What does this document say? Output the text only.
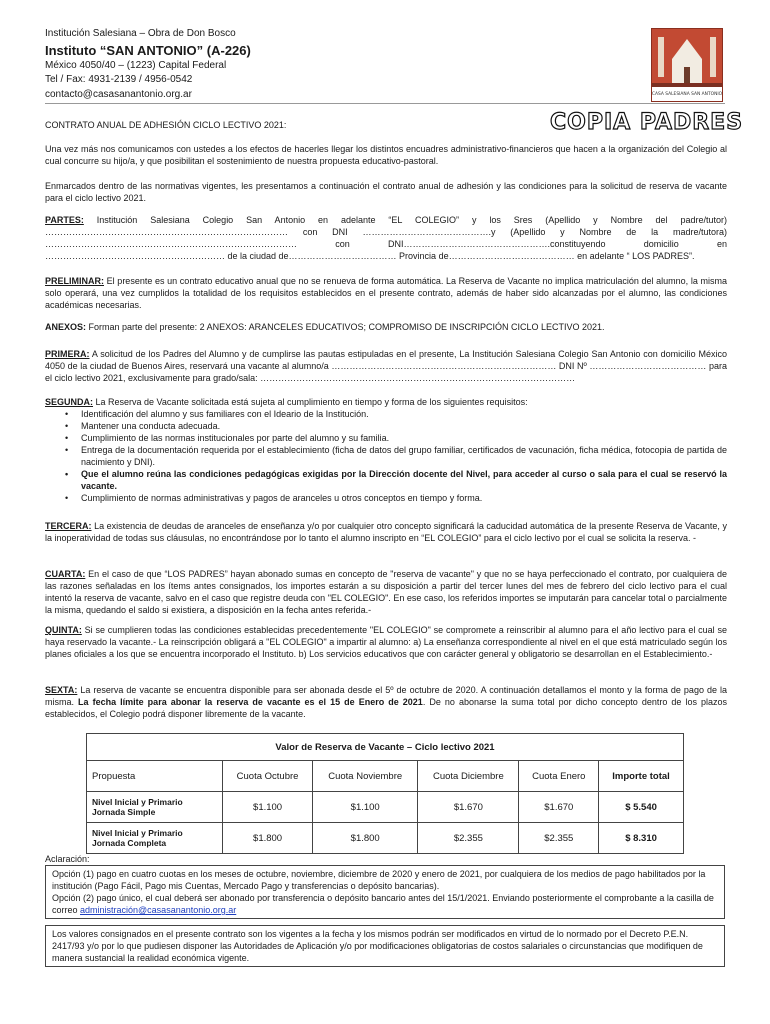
Institución Salesiana – Obra de Don Bosco
Instituto “SAN ANTONIO” (A-226)
México 4050/40 – (1223) Capital Federal
Tel / Fax: 4931-2139 / 4956-0542
contacto@casasanantonio.org.ar	CASA SALESIANA SAN ANTONIO
COPIA PADRES
CONTRATO ANUAL DE ADHESIÓN CICLO LECTIVO 2021:
Una vez más nos comunicamos con ustedes a los efectos de hacerles llegar los distintos encuadres administrativo-financieros que hacen a la organización del Colegio al cual concurre su hijo/a, y que posibilitan el sostenimiento de nuestra propuesta educativo-pastoral.
Enmarcados dentro de las normativas vigentes, les presentamos a continuación el contrato anual de adhesión y las condiciones para la solicitud de reserva de vacante para el ciclo lectivo 2021.
PARTES: Institución Salesiana Colegio San Antonio en adelante “EL COLEGIO” y los Sres (Apellido y Nombre del padre/tutor) ……………………………………………………………………… con DNI …………………………………….y (Apellido y Nombre de la madre/tutora) ………………………………………………………………………… con DNI………………………………………….constituyendo domicilio en …………………………………………………… de la ciudad de……………………………… Provincia de…………………………………… en adelante “ LOS PADRES”.
PRELIMINAR: El presente es un contrato educativo anual que no se renueva de forma automática. La Reserva de Vacante no implica matriculación del alumno, la misma solo operará, una vez cumplidos la totalidad de los requisitos establecidos en el presente contrato, además de haber sido alcanzadas por el alumno, las condiciones académicas necesarias.
ANEXOS: Forman parte del presente: 2 ANEXOS: ARANCELES EDUCATIVOS; COMPROMISO DE INSCRIPCIÓN CICLO LECTIVO 2021.
PRIMERA: A solicitud de los Padres del Alumno y de cumplirse las pautas estipuladas en el presente, La Institución Salesiana Colegio San Antonio con domicilio México 4050 de la ciudad de Buenos Aires, reservará una vacante al alumno/a ………………………………………………………………… DNI Nº ………………………………… para el ciclo lectivo 2021, exclusivamente para grado/sala: ……………………………………………………………………………………………
SEGUNDA: La Reserva de Vacante solicitada está sujeta al cumplimiento en tiempo y forma de los siguientes requisitos:
• Identificación del alumno y sus familiares con el Ideario de la Institución.
• Mantener una conducta adecuada.
• Cumplimiento de las normas institucionales por parte del alumno y su familia.
• Entrega de la documentación requerida por el establecimiento (ficha de datos del grupo familiar, certificados de vacunación, ficha médica, fotocopia de partida de nacimiento y DNI).
• Que el alumno reúna las condiciones pedagógicas exigidas por la Dirección docente del Nivel, para acceder al curso o sala para el cual se reservó la vacante.
• Cumplimiento de normas administrativas y pagos de aranceles u otros conceptos en tiempo y forma.
TERCERA: La existencia de deudas de aranceles de enseñanza y/o por cualquier otro concepto significará la caducidad automática de la presente Reserva de Vacante, y la inoperatividad de todas sus cláusulas, no encontrándose por lo tanto el alumno inscripto en “EL COLEGIO” para el ciclo lectivo por el cual se solicita la reserva. -
CUARTA: En el caso de que “LOS PADRES” hayan abonado sumas en concepto de "reserva de vacante" y que no se haya perfeccionado el contrato, por cualquiera de las razones señaladas en los ítems antes consignados, los importes estarán a su disposición a partir del tercer lunes del mes de febrero del ciclo lectivo para el cual intentó la reserva de vacante, salvo en el caso que registre deuda con "EL COLEGIO". En ese caso, los referidos importes se imputarán para cancelar total o parcialmente la misma, quedando el saldo si existiera, a disposición en la fecha antes referida.-
QUINTA: Si se cumplieren todas las condiciones establecidas precedentemente "EL COLEGIO" se compromete a reinscribir al alumno para el año lectivo para el cual se haya reservado la vacante.- La reinscripción obligará a "EL COLEGIO" a impartir al alumno: a) La enseñanza correspondiente al nivel en el que está matriculado según los planes oficiales a los que se encuentra incorporado el Instituto. b) Los servicios educativos que con carácter general y obligatorio se desarrollan en el Establecimiento.-
SEXTA: La reserva de vacante se encuentra disponible para ser abonada desde el 5º de octubre de 2020. A continuación detallamos el monto y la forma de pago de la misma. La fecha límite para abonar la reserva de vacante es el 15 de Enero de 2021. De no abonarse la suma total por dicho concepto dentro de los plazos establecidos, el Colegio podrá disponer libremente de la vacante.
Valor de Reserva de Vacante – Ciclo lectivo 2021					
Propuesta	Cuota Octubre	Cuota Noviembre	Cuota Diciembre	Cuota Enero	Importe total
Nivel Inicial y Primario Jornada Simple	$1.100	$1.100	$1.670	$1.670	$ 5.540
Nivel Inicial y Primario Jornada Completa	$1.800	$1.800	$2.355	$2.355	$ 8.310
Aclaración:
Opción (1) pago en cuatro cuotas en los meses de octubre, noviembre, diciembre de 2020 y enero de 2021, por cualquiera de los medios de pago habilitados por la institución (Pago Fácil, Pago mis Cuentas, Mercado Pago y transferencias o depósito bancarias).
Opción (2) pago único, el cual deberá ser abonado por transferencia o depósito bancario antes del 15/1/2021. Enviando posteriormente el comprobante a la casilla de correo administración@casasanantonio.org.ar
Los valores consignados en el presente contrato son los vigentes a la fecha y los mismos podrán ser modificados en virtud de lo normado por el Decreto P.E.N. 2417/93 y/o por lo que pudiesen disponer las Autoridades de Aplicación y/o por modificaciones obligatorias de costos salariales o circunstancias que modifiquen de manera sustancial la realidad económica vigente.
